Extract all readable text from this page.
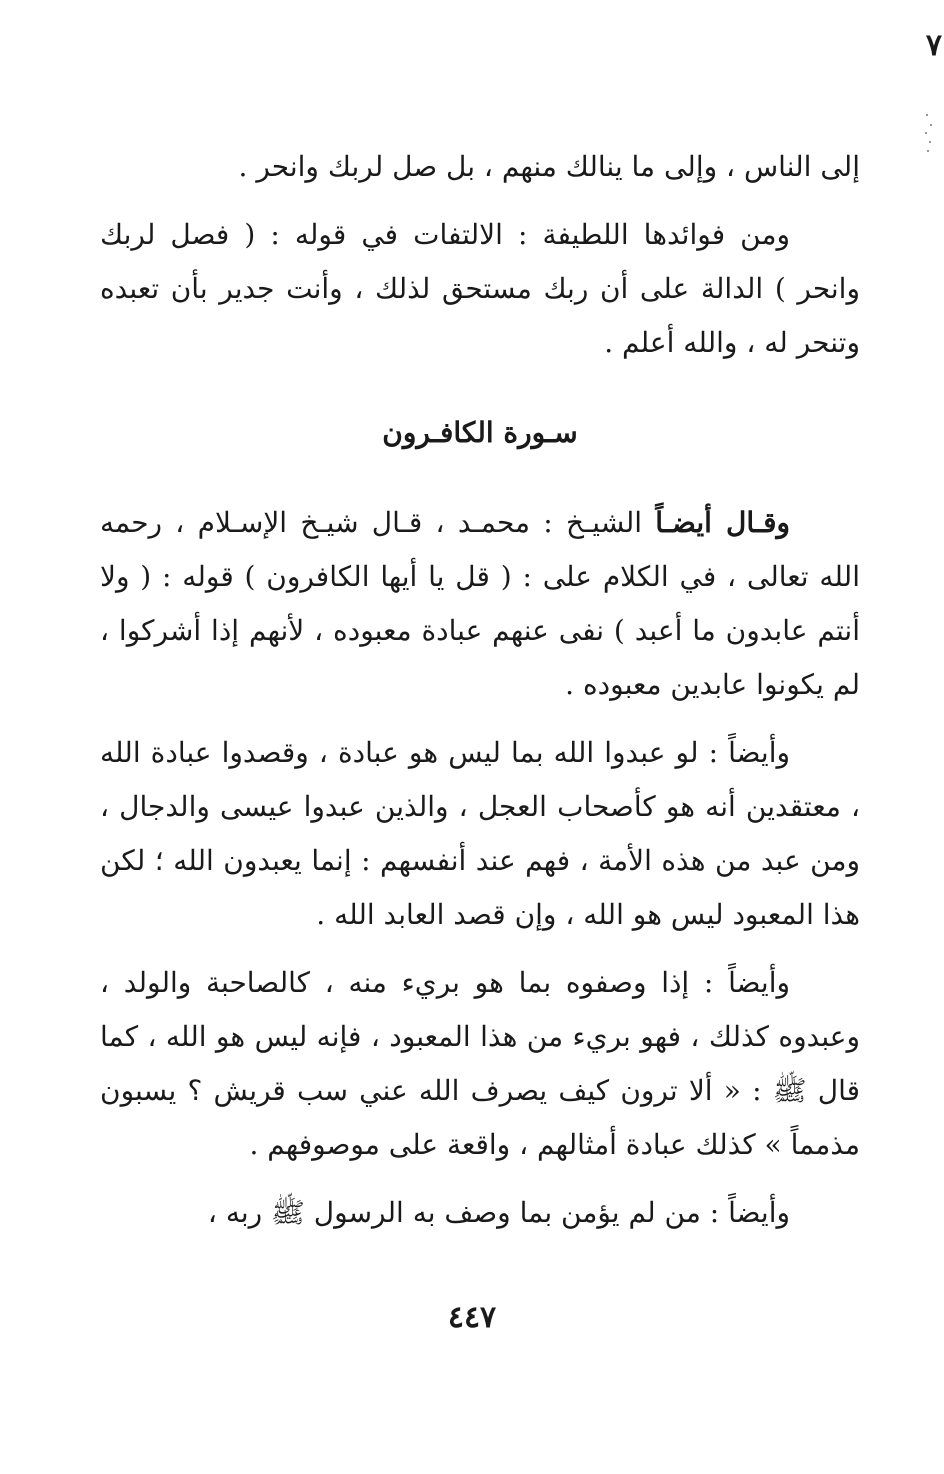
٧

إلى الناس ، وإلى ما ينالك منهم ، بل صل لربك وانحر .

ومن فوائدها اللطيفة : الالتفات في قوله : ( فصل لربك وانحر ) الدالة على أن ربك مستحق لذلك ، وأنت جدير بأن تعبده وتنحر له ، والله أعلم .

سـورة الكافـرون

وقـال أيضـاً الشيـخ : محمـد ، قـال شيـخ الإسـلام ، رحمه الله تعالى ، في الكلام على : ( قل يا أيها الكافرون ) قوله : ( ولا أنتم عابدون ما أعبد ) نفى عنهم عبادة معبوده ، لأنهم إذا أشركوا ، لم يكونوا عابدين معبوده .

وأيضاً : لو عبدوا الله بما ليس هو عبادة ، وقصدوا عبادة الله ، معتقدين أنه هو كأصحاب العجل ، والذين عبدوا عيسى والدجال ، ومن عبد من هذه الأمة ، فهم عند أنفسهم : إنما يعبدون الله ؛ لكن هذا المعبود ليس هو الله ، وإن قصد العابد الله .

وأيضاً : إذا وصفوه بما هو بريء منه ، كالصاحبة والولد ، وعبدوه كذلك ، فهو بريء من هذا المعبود ، فإنه ليس هو الله ، كما قال ﷺ : « ألا ترون كيف يصرف الله عني سب قريش ؟ يسبون مذمماً » كذلك عبادة أمثالهم ، واقعة على موصوفهم .

وأيضاً : من لم يؤمن بما وصف به الرسول ﷺ ربه ،

٤٤٧
